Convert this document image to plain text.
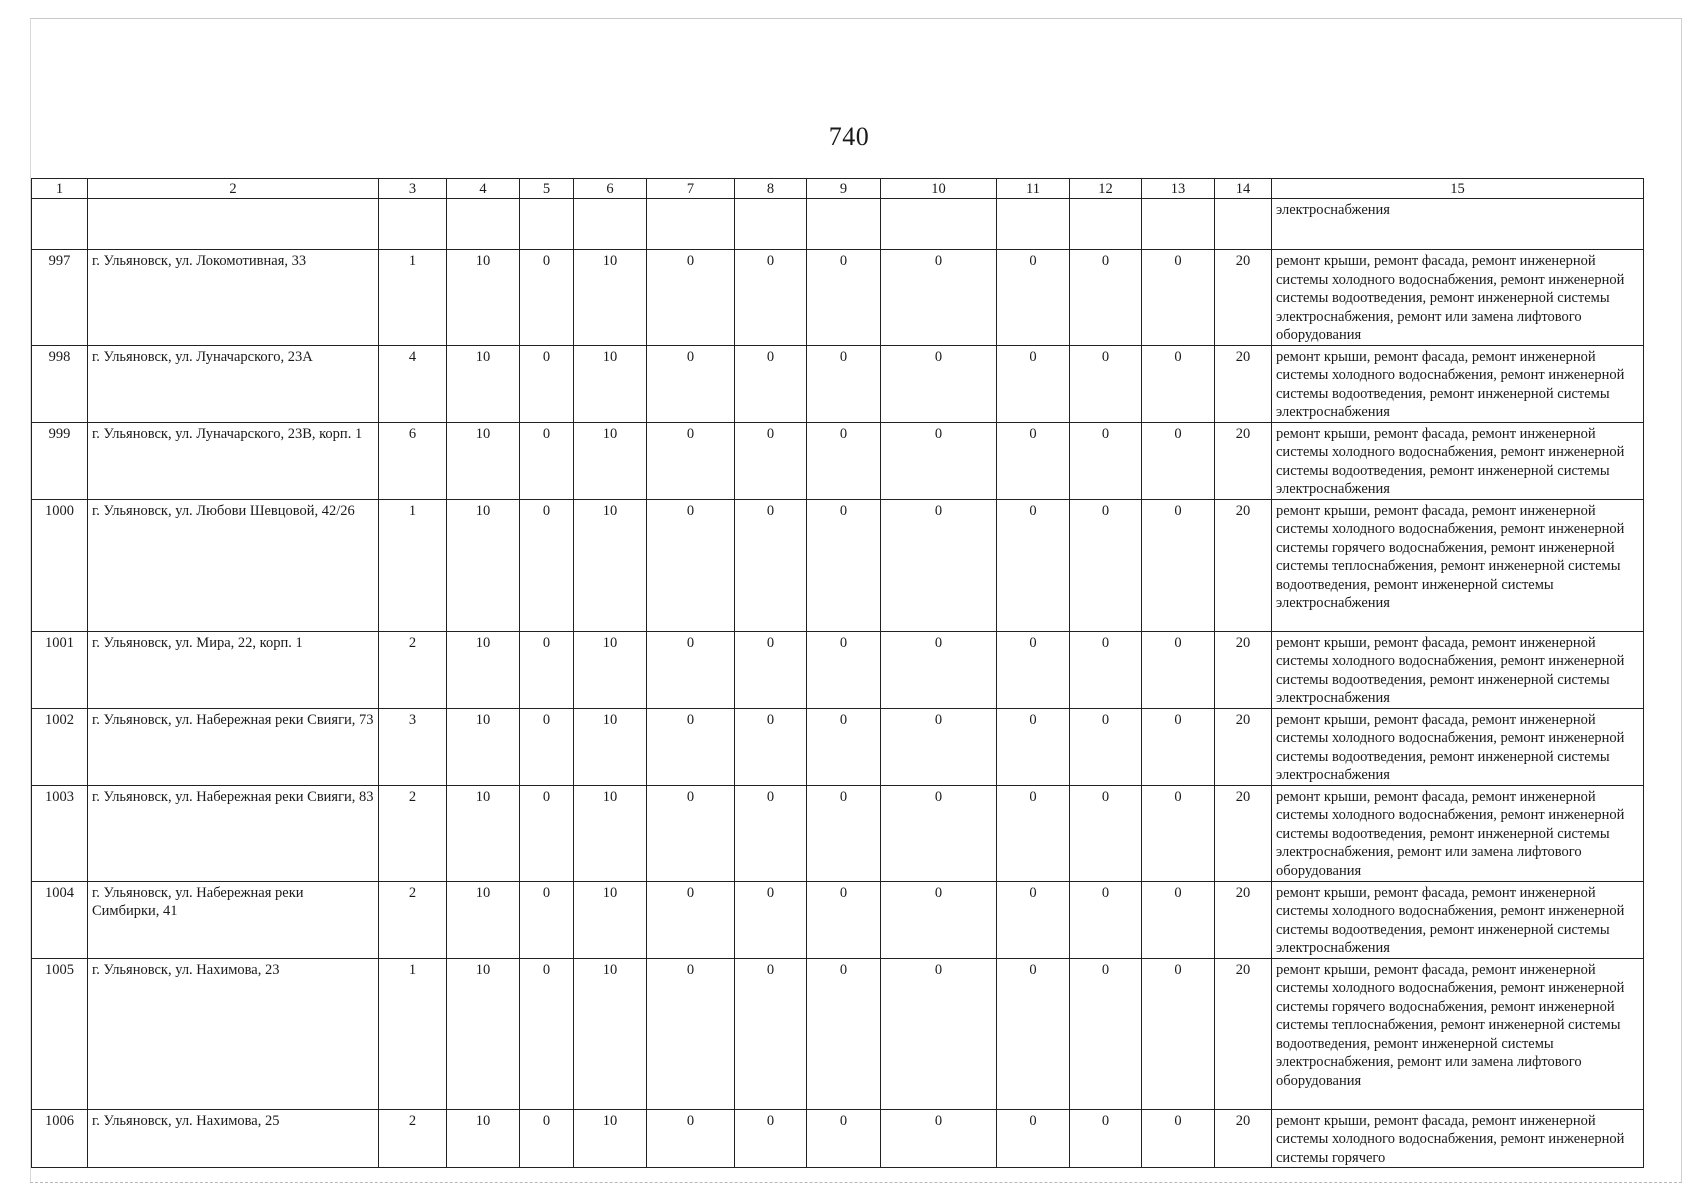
740
1	2	3	4	5	6	7	8	9	10	11	12	13	14	15
														электроснабжения
997	г. Ульяновск, ул. Локомотивная, 33	1	10	0	10	0	0	0	0	0	0	0	20	ремонт крыши, ремонт фасада, ремонт инженерной системы холодного водоснабжения, ремонт инженерной системы водоотведения, ремонт инженерной системы электроснабжения, ремонт или замена лифтового оборудования
998	г. Ульяновск, ул. Луначарского, 23А	4	10	0	10	0	0	0	0	0	0	0	20	ремонт крыши, ремонт фасада, ремонт инженерной системы холодного водоснабжения, ремонт инженерной системы водоотведения, ремонт инженерной системы электроснабжения
999	г. Ульяновск, ул. Луначарского, 23В, корп. 1	6	10	0	10	0	0	0	0	0	0	0	20	ремонт крыши, ремонт фасада, ремонт инженерной системы холодного водоснабжения, ремонт инженерной системы водоотведения, ремонт инженерной системы электроснабжения
1000	г. Ульяновск, ул. Любови Шевцовой, 42/26	1	10	0	10	0	0	0	0	0	0	0	20	ремонт крыши, ремонт фасада, ремонт инженерной системы холодного водоснабжения, ремонт инженерной системы горячего водоснабжения, ремонт инженерной системы теплоснабжения, ремонт инженерной системы водоотведения, ремонт инженерной системы электроснабжения
1001	г. Ульяновск, ул. Мира, 22, корп. 1	2	10	0	10	0	0	0	0	0	0	0	20	ремонт крыши, ремонт фасада, ремонт инженерной системы холодного водоснабжения, ремонт инженерной системы водоотведения, ремонт инженерной системы электроснабжения
1002	г. Ульяновск, ул. Набережная реки Свияги, 73	3	10	0	10	0	0	0	0	0	0	0	20	ремонт крыши, ремонт фасада, ремонт инженерной системы холодного водоснабжения, ремонт инженерной системы водоотведения, ремонт инженерной системы электроснабжения
1003	г. Ульяновск, ул. Набережная реки Свияги, 83	2	10	0	10	0	0	0	0	0	0	0	20	ремонт крыши, ремонт фасада, ремонт инженерной системы холодного водоснабжения, ремонт инженерной системы водоотведения, ремонт инженерной системы электроснабжения, ремонт или замена лифтового оборудования
1004	г. Ульяновск, ул. Набережная реки Симбирки, 41	2	10	0	10	0	0	0	0	0	0	0	20	ремонт крыши, ремонт фасада, ремонт инженерной системы холодного водоснабжения, ремонт инженерной системы водоотведения, ремонт инженерной системы электроснабжения
1005	г. Ульяновск, ул. Нахимова, 23	1	10	0	10	0	0	0	0	0	0	0	20	ремонт крыши, ремонт фасада, ремонт инженерной системы холодного водоснабжения, ремонт инженерной системы горячего водоснабжения, ремонт инженерной системы теплоснабжения, ремонт инженерной системы водоотведения, ремонт инженерной системы электроснабжения, ремонт или замена лифтового оборудования
1006	г. Ульяновск, ул. Нахимова, 25	2	10	0	10	0	0	0	0	0	0	0	20	ремонт крыши, ремонт фасада, ремонт инженерной системы холодного водоснабжения, ремонт инженерной системы горячего
